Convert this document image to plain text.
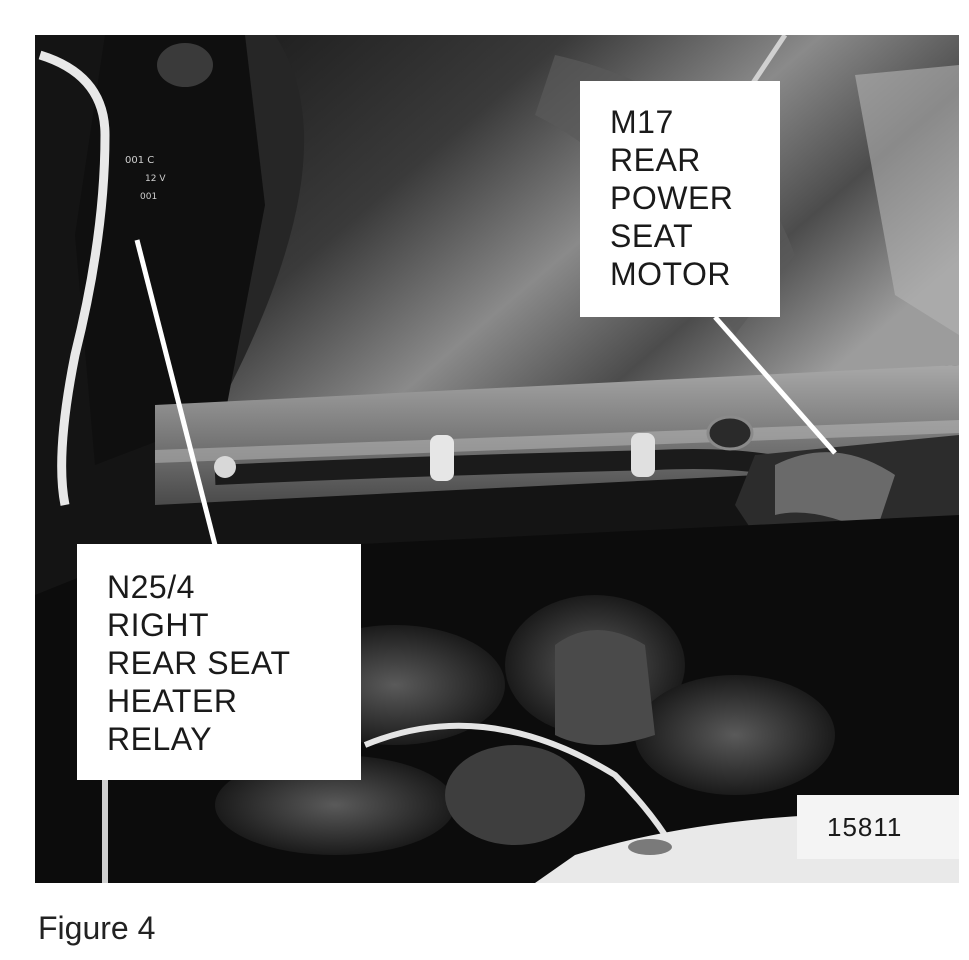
001 C
12 V
001
M17
REAR
POWER
SEAT
MOTOR
N25/4
RIGHT
REAR SEAT
HEATER
RELAY
15811
Figure 4
